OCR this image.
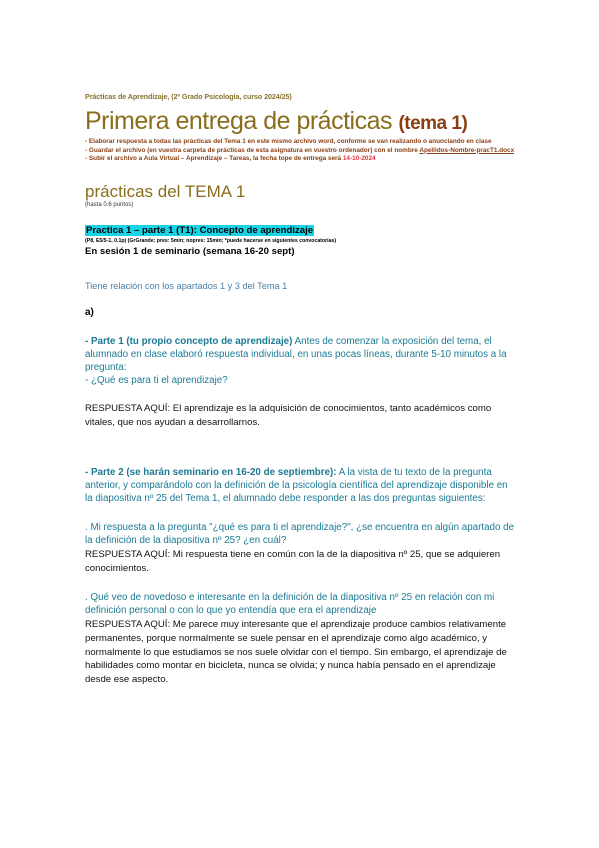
Prácticas de Aprendizaje, (2º Grado Psicología, curso 2024/25)
Primera entrega de prácticas (tema 1)
- Elaborar respuesta a todas las prácticas del Tema 1 en este mismo archivo word, conforme se van realizando o anunciando en clase
- Guardar el archivo (en vuestra carpeta de prácticas de esta asignatura en vuestro ordenador) con el nombre Apellidos-Nombre-pracT1.docx
- Subir el archivo a Aula Virtual – Aprendizaje – Tareas, la fecha tope de entrega será 14-10-2024
prácticas del TEMA 1
(hasta 0.6 puntos)
Practica 1 – parte 1 (T1): Concepto de aprendizaje
(P8, E5/5-1, 0.1p) (GrGrande; pres: 5min; nopres: 15min; *puede hacerse en siguientes convocatorias)
En sesión 1 de seminario (semana 16-20 sept)
Tiene relación con los apartados 1 y 3 del Tema 1
a)
- Parte 1 (tu propio concepto de aprendizaje) Antes de comenzar la exposición del tema, el alumnado en clase elaboró respuesta individual, en unas pocas líneas, durante 5-10 minutos a la pregunta:
- ¿Qué es para ti el aprendizaje?
RESPUESTA AQUÍ: El aprendizaje es la adquisición de conocimientos, tanto académicos como vitales, que nos ayudan a desarrollarnos.
- Parte 2 (se harán seminario en 16-20 de septiembre): A la vista de tu texto de la pregunta anterior, y comparándolo con la definición de la psicología científica del aprendizaje disponible en la diapositiva nº 25 del Tema 1, el alumnado debe responder a las dos preguntas siguientes:
. Mi respuesta a la pregunta "¿qué es para ti el aprendizaje?", ¿se encuentra en algún apartado de la definición de la diapositiva nº 25? ¿en cuál?
RESPUESTA AQUÍ: Mi respuesta tiene en común con la de la diapositiva nº 25, que se adquieren conocimientos.
. Qué veo de novedoso e interesante en la definición de la diapositiva nº 25 en relación con mi definición personal o con lo que yo entendía que era el aprendizaje
RESPUESTA AQUÍ: Me parece muy interesante que el aprendizaje produce cambios relativamente permanentes, porque normalmente se suele pensar en el aprendizaje como algo académico, y normalmente lo que estudiamos se nos suele olvidar con el tiempo. Sin embargo, el aprendizaje de habilidades como montar en bicicleta, nunca se olvida; y nunca había pensado en el aprendizaje desde ese aspecto.
